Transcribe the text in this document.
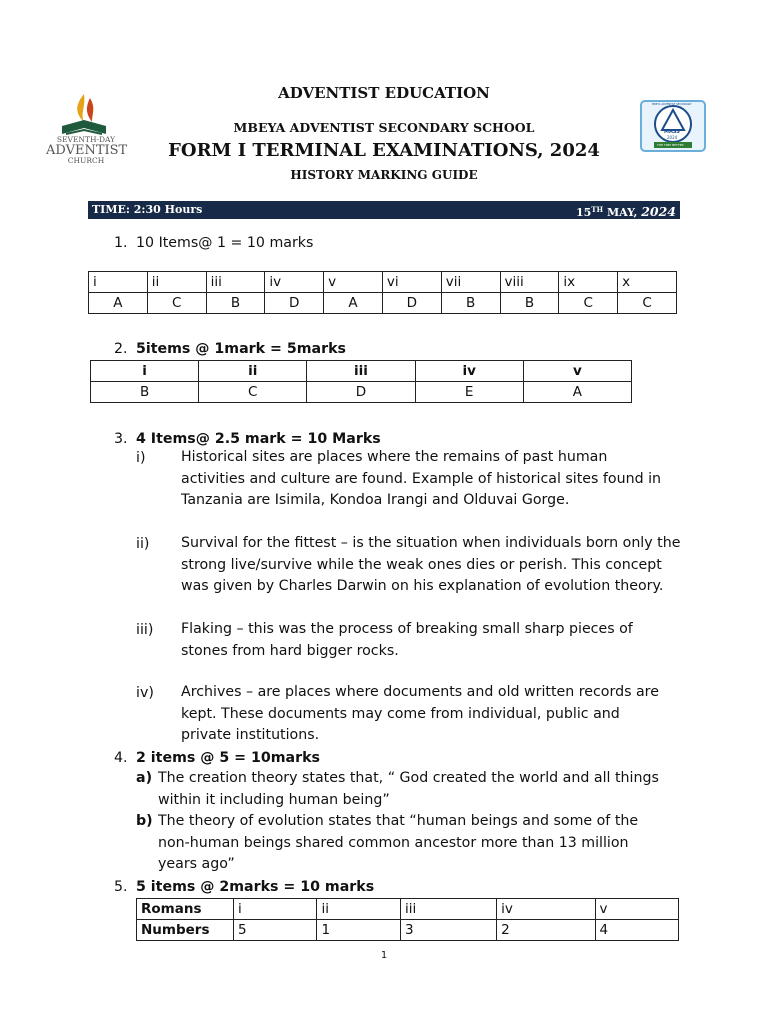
SEVENTH-DAY
ADVENTIST
CHURCH
MASS
2024
THE TIME BETTER
MBEYA ADVENTIST SECONDARY
ADVENTIST EDUCATION
MBEYA ADVENTIST SECONDARY SCHOOL
FORM I TERMINAL EXAMINATIONS, 2024
HISTORY MARKING GUIDE
TIME: 2:30 Hours	15TH MAY, 2024
1. 10 Items@ 1 = 10 marks
i	ii	iii	iv	v	vi	vii	viii	ix	x
A	C	B	D	A	D	B	B	C	C
2. 5items @ 1mark = 5marks
i	ii	iii	iv	v
B	C	D	E	A
3. 4 Items@ 2.5 mark = 10 Marks
i)	Historical sites are places where the remains of past human
activities and culture are found. Example of historical sites found in
Tanzania are Isimila, Kondoa Irangi and Olduvai Gorge.
ii) Survival for the fittest – is the situation when individuals born only the
strong live/survive while the weak ones dies or perish. This concept
was given by Charles Darwin on his explanation of evolution theory.
iii) Flaking – this was the process of breaking small sharp pieces of
stones from hard bigger rocks.
iv) Archives – are places where documents and old written records are
kept. These documents may come from individual, public and
private institutions.
4. 2 items @ 5 = 10marks
a) The creation theory states that, “ God created the world and all things
within it including human being”
b) The theory of evolution states that “human beings and some of the
non-human beings shared common ancestor more than 13 million
years ago”
5. 5 items @ 2marks = 10 marks
Romans	i	ii	iii	iv	v
Numbers	5	1	3	2	4
1
